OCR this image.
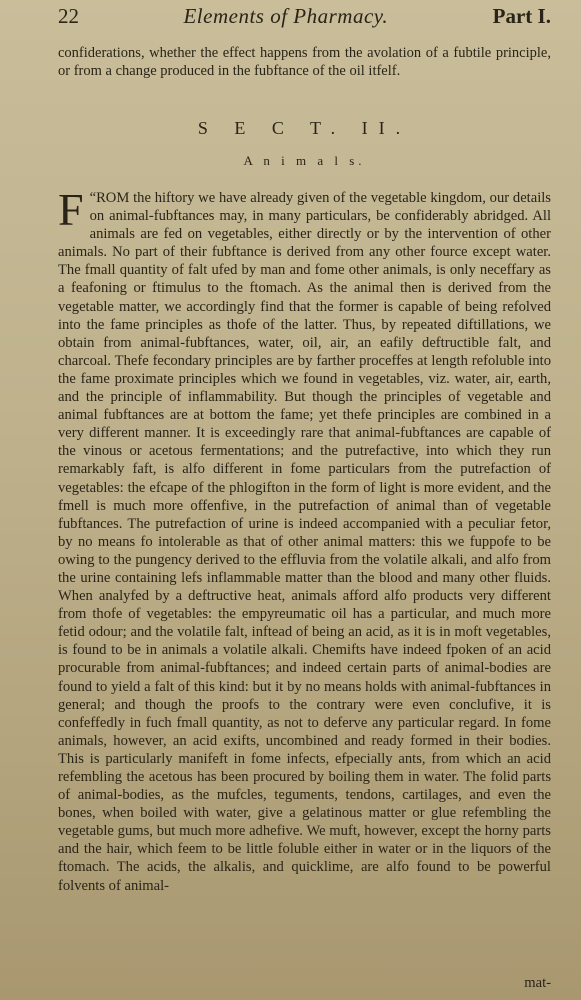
22	Elements of Pharmacy.	Part I.

confiderations, whether the effect happens from the avolation of a fubtile principle, or from a change produced in the fubftance of the oil itfelf.

S E C T. II.
A n i m a l s.
“
F ROM the hiftory we have already given of the vegetable kingdom, our details on animal-fubftances may, in many particulars, be confiderably abridged. All animals are fed on vegetables, either directly or by the intervention of other animals. No part of their fubftance is derived from any other fource except water. The fmall quantity of falt ufed by man and fome other animals, is only neceffary as a feafoning or ftimulus to the ftomach. As the animal then is derived from the vegetable matter, we accordingly find that the former is capable of being refolved into the fame principles as thofe of the latter. Thus, by repeated diftillations, we obtain from animal-fubftances, water, oil, air, an eafily deftructible falt, and charcoal. Thefe fecondary principles are by farther proceffes at length refoluble into the fame proximate principles which we found in vegetables, viz. water, air, earth, and the principle of inflammability. But though the principles of vegetable and animal fubftances are at bottom the fame; yet thefe principles are combined in a very different manner. It is exceedingly rare that animal-fubftances are capable of the vinous or acetous fermentations; and the putrefactive, into which they run remarkably faft, is alfo different in fome particulars from the putrefaction of vegetables: the efcape of the phlogifton in the form of light is more evident, and the fmell is much more offenfive, in the putrefaction of animal than of vegetable fubftances. The putrefaction of urine is indeed accompanied with a peculiar fetor, by no means fo intolerable as that of other animal matters: this we fuppofe to be owing to the pungency derived to the effluvia from the volatile alkali, and alfo from the urine containing lefs inflammable matter than the blood and many other fluids. When analyfed by a deftructive heat, animals afford alfo products very different from thofe of vegetables: the empyreumatic oil has a particular, and much more fetid odour; and the volatile falt, inftead of being an acid, as it is in moft vegetables, is found to be in animals a volatile alkali. Chemifts have indeed fpoken of an acid procurable from animal-fubftances; and indeed certain parts of animal-bodies are found to yield a falt of this kind: but it by no means holds with animal-fubftances in general; and though the proofs to the contrary were even conclufive, it is confeffedly in fuch fmall quantity, as not to deferve any particular regard. In fome animals, however, an acid exifts, uncombined and ready formed in their bodies. This is particularly manifeft in fome infects, efpecially ants, from which an acid refembling the acetous has been procured by boiling them in water. The folid parts of animal-bodies, as the mufcles, teguments, tendons, cartilages, and even the bones, when boiled with water, give a gelatinous matter or glue refembling the vegetable gums, but much more adhefive. We muft, however, except the horny parts and the hair, which feem to be little foluble either in water or in the liquors of the ftomach. The acids, the alkalis, and quicklime, are alfo found to be powerful folvents of animal-
mat-
